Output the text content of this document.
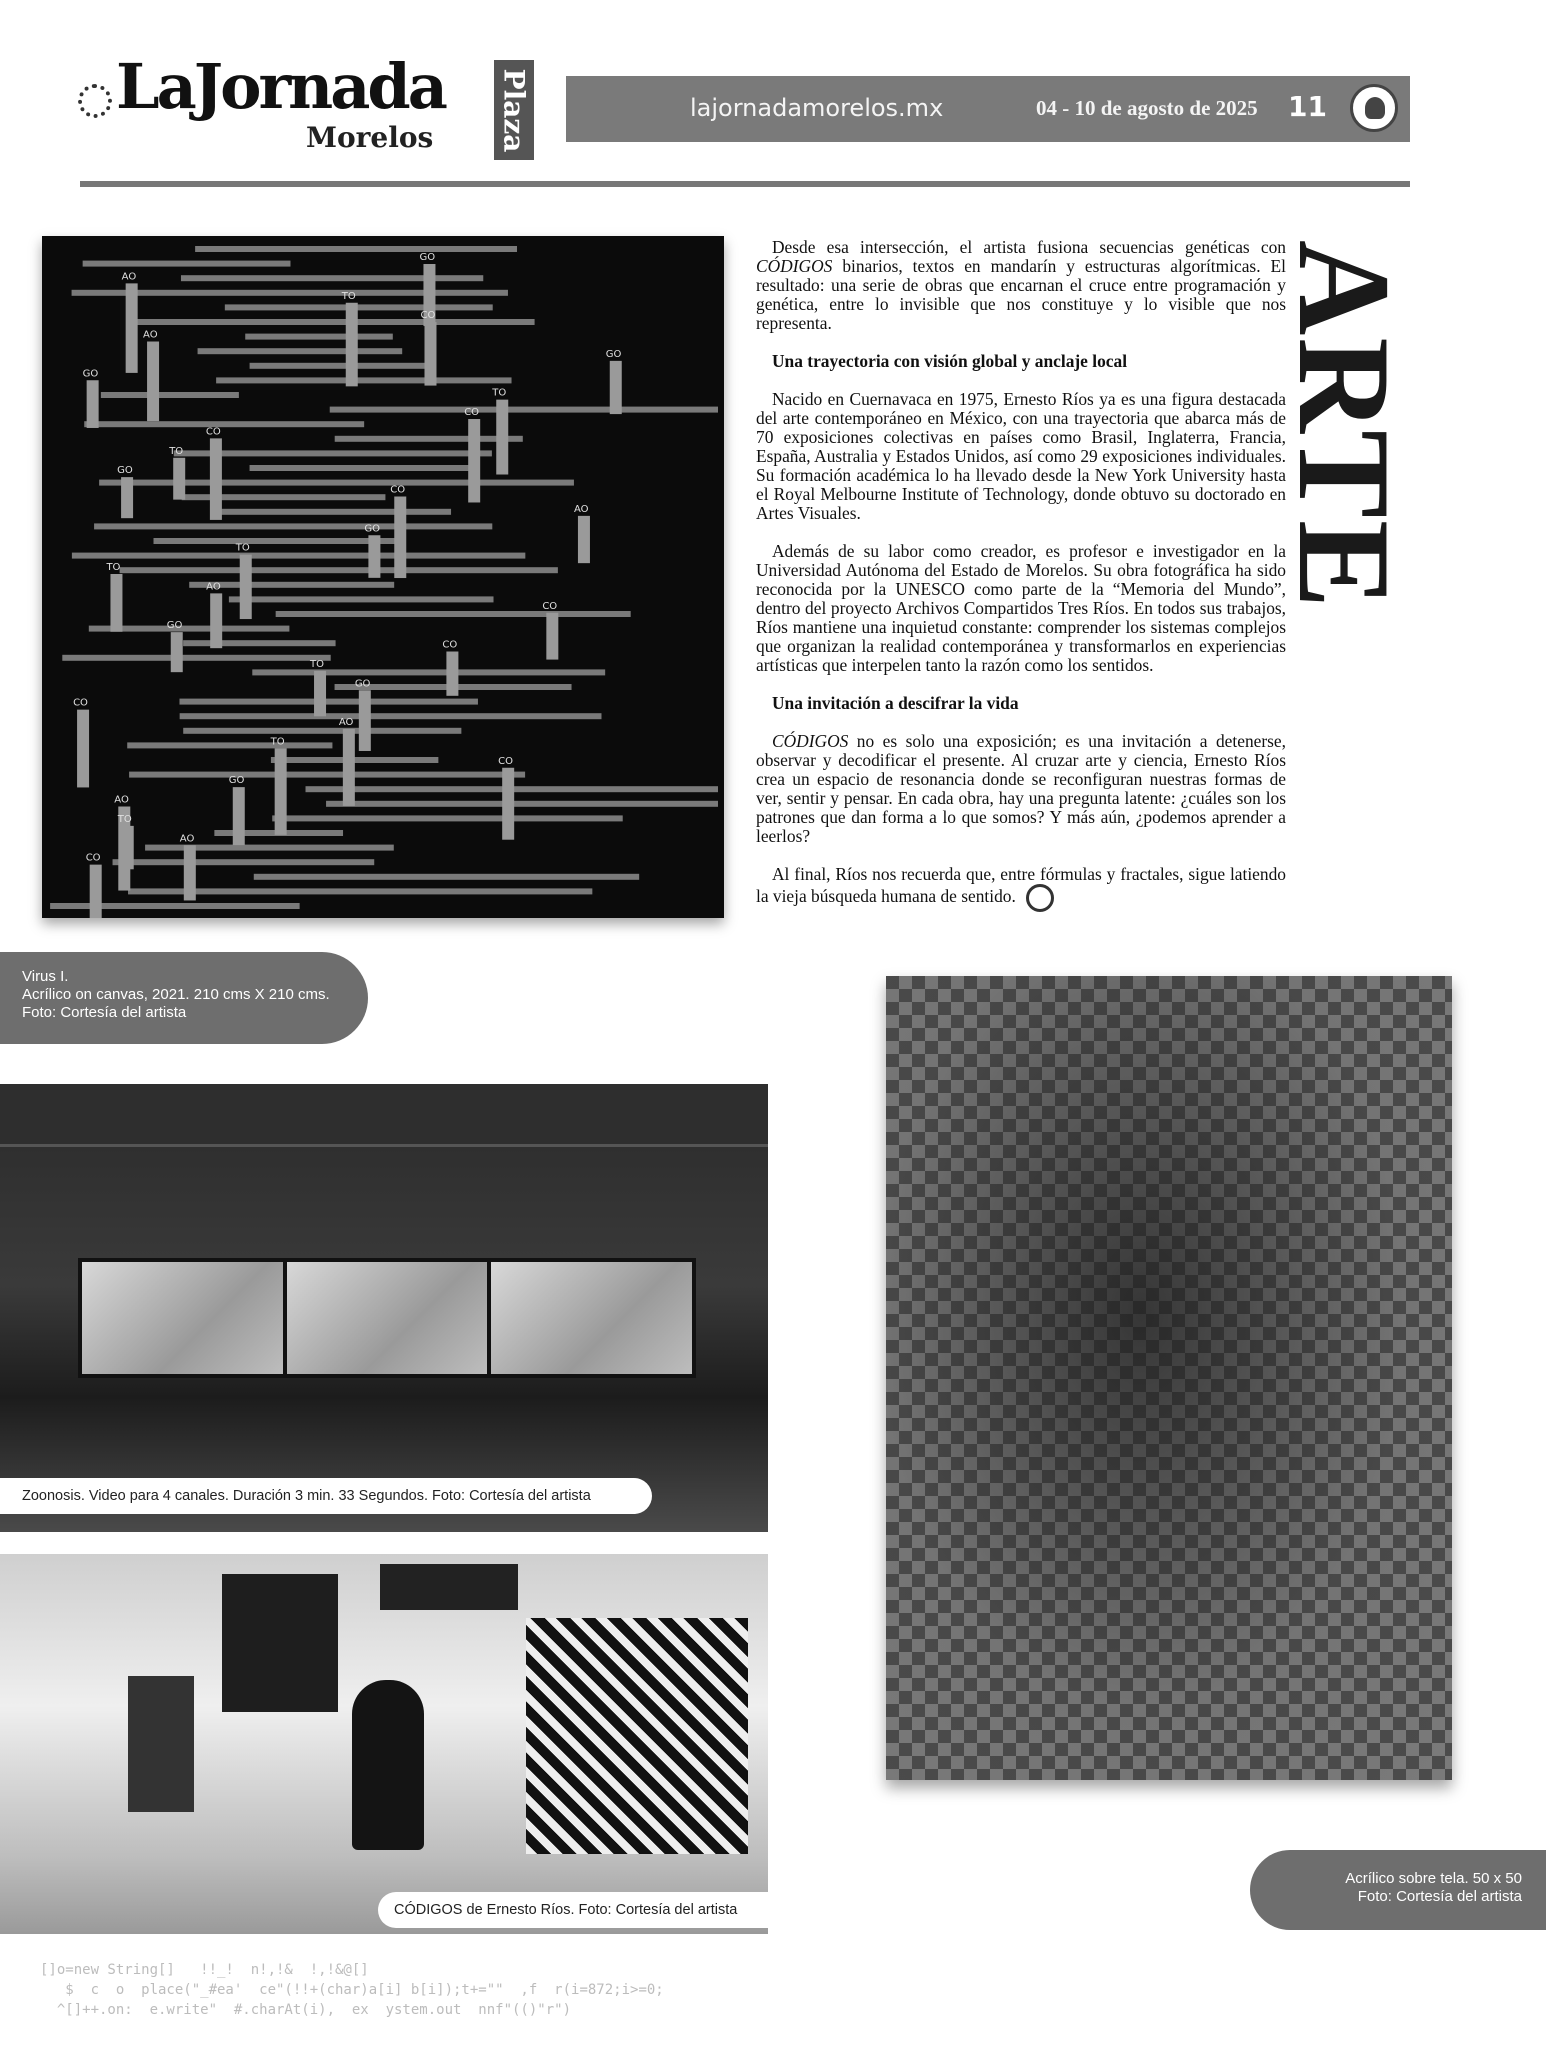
LaJornada
Morelos Plaza	lajornadamorelos.mx	04 - 10 de agosto de 2025 11
ARTE
GO
AO
TO
CO
AO
GO
GO
TO
CO
CO
TO
GO
CO
AO
GO
TO
TO
AO
CO
GO
CO
TO
GO
CO
AO
TO
CO
GO
AO
TO
AO
CO

Desde esa intersección, el artista fusiona secuencias genéticas con CÓDIGOS binarios, textos en mandarín y estructuras algorítmicas. El resultado: una serie de obras que encarnan el cruce entre programación y genética, entre lo invisible que nos constituye y lo visible que nos representa.

Una trayectoria con visión global y anclaje local

Nacido en Cuernavaca en 1975, Ernesto Ríos ya es una figura destacada del arte contemporáneo en México, con una trayectoria que abarca más de 70 exposiciones colectivas en países como Brasil, Inglaterra, Francia, España, Australia y Estados Unidos, así como 29 exposiciones individuales. Su formación académica lo ha llevado desde la New York University hasta el Royal Melbourne Institute of Technology, donde obtuvo su doctorado en Artes Visuales.

Además de su labor como creador, es profesor e investigador en la Universidad Autónoma del Estado de Morelos. Su obra fotográfica ha sido reconocida por la UNESCO como parte de la “Memoria del Mundo”, dentro del proyecto Archivos Compartidos Tres Ríos. En todos sus trabajos, Ríos mantiene una inquietud constante: comprender los sistemas complejos que organizan la realidad contemporánea y transformarlos en experiencias artísticas que interpelen tanto la razón como los sentidos.

Una invitación a descifrar la vida

CÓDIGOS no es solo una exposición; es una invitación a detenerse, observar y decodificar el presente. Al cruzar arte y ciencia, Ernesto Ríos crea un espacio de resonancia donde se reconfiguran nuestras formas de ver, sentir y pensar. En cada obra, hay una pregunta latente: ¿cuáles son los patrones que dan forma a lo que somos? Y más aún, ¿podemos aprender a leerlos?

Al final, Ríos nos recuerda que, entre fórmulas y fractales, sigue latiendo la vieja búsqueda humana de sentido.

Virus I.
Acrílico on canvas, 2021. 210 cms X 210 cms.
Foto: Cortesía del artista
Acrílico sobre tela. 50 x 50
Foto: Cortesía del artista
Zoonosis. Video para 4 canales. Duración 3 min. 33 Segundos. Foto: Cortesía del artista
CÓDIGOS de Ernesto Ríos. Foto: Cortesía del artista
[]o=new String[]   !!_!  n!,!&  !,!&@[]
$  c  o  place("_#ea'  ce"(!!+(char)a[i] b[i]);t+=""  ,f  r(i=872;i>=0;
^[]++.on:  e.write"  #.charAt(i),  ex  ystem.out  nnf"(()"r")
